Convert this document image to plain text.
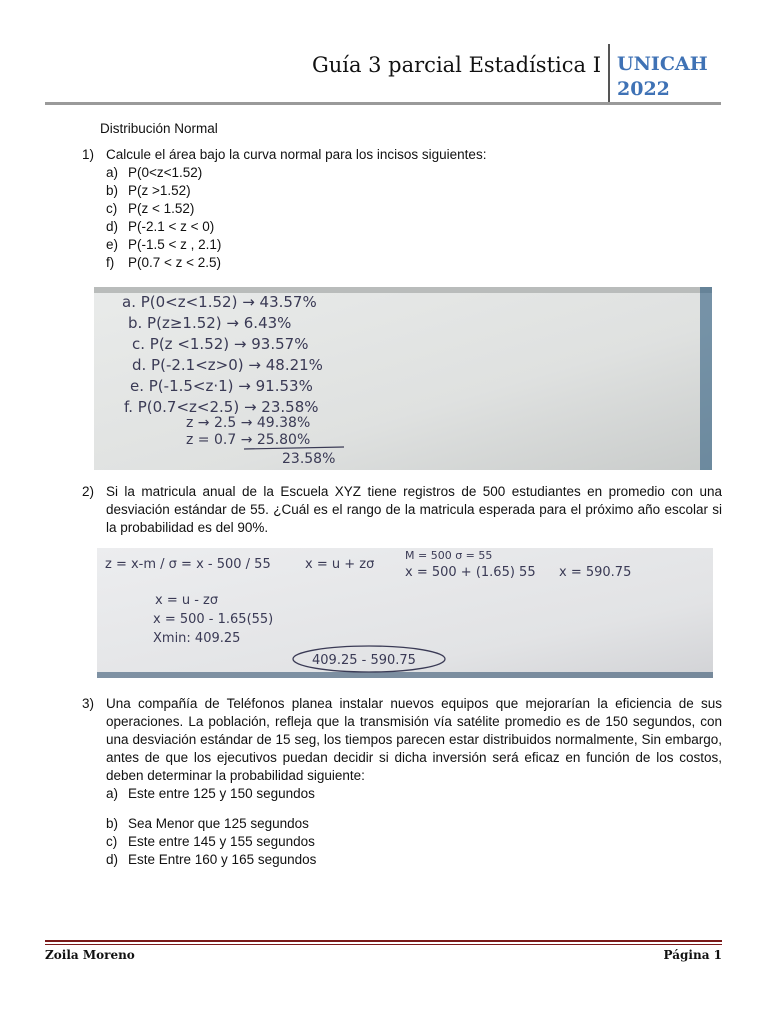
Guía 3 parcial Estadística I UNICAH
2022
Distribución Normal
1) Calcule el área bajo la curva normal para los incisos siguientes:

a) P(0<z<1.52)
b) P(z >1.52)
c) P(z < 1.52)
d) P(-2.1 < z < 0)
e) P(-1.5 < z , 2.1)
f) P(0.7 < z < 2.5)
a. P(0<z<1.52) → 43.57%
b. P(z≥1.52) → 6.43%
c. P(z <1.52) → 93.57%
d. P(-2.1<z>0) → 48.21%
e. P(-1.5<z·1) → 91.53%
f. P(0.7<z<2.5) → 23.58%
z → 2.5 → 49.38%
z = 0.7 → 25.80%
23.58%
2) Si la matricula anual de la Escuela XYZ tiene registros de 500 estudiantes en promedio con una desviación estándar de 55. ¿Cuál es el rango de la matricula esperada para el próximo año escolar si la probabilidad es del 90%.

z = x-m / σ = x - 500 / 55	x = u + zσ
M = 500 σ = 55
x = 500 + (1.65) 55 x = 590.75
x = u - zσ
x = 500 - 1.65(55)
Xmin: 409.25
409.25 - 590.75
3) Una compañía de Teléfonos planea instalar nuevos equipos que mejorarían la eficiencia de sus operaciones. La población, refleja que la transmisión vía satélite promedio es de 150 segundos, con una desviación estándar de 15 seg, los tiempos parecen estar distribuidos normalmente, Sin embargo, antes de que los ejecutivos puedan decidir si dicha inversión será eficaz en función de los costos, deben determinar la probabilidad siguiente:

a) Este entre 125 y 150 segundos
b) Sea Menor que 125 segundos
c) Este entre 145 y 155 segundos
d) Este Entre 160 y 165 segundos
Zoila Moreno	Página 1
